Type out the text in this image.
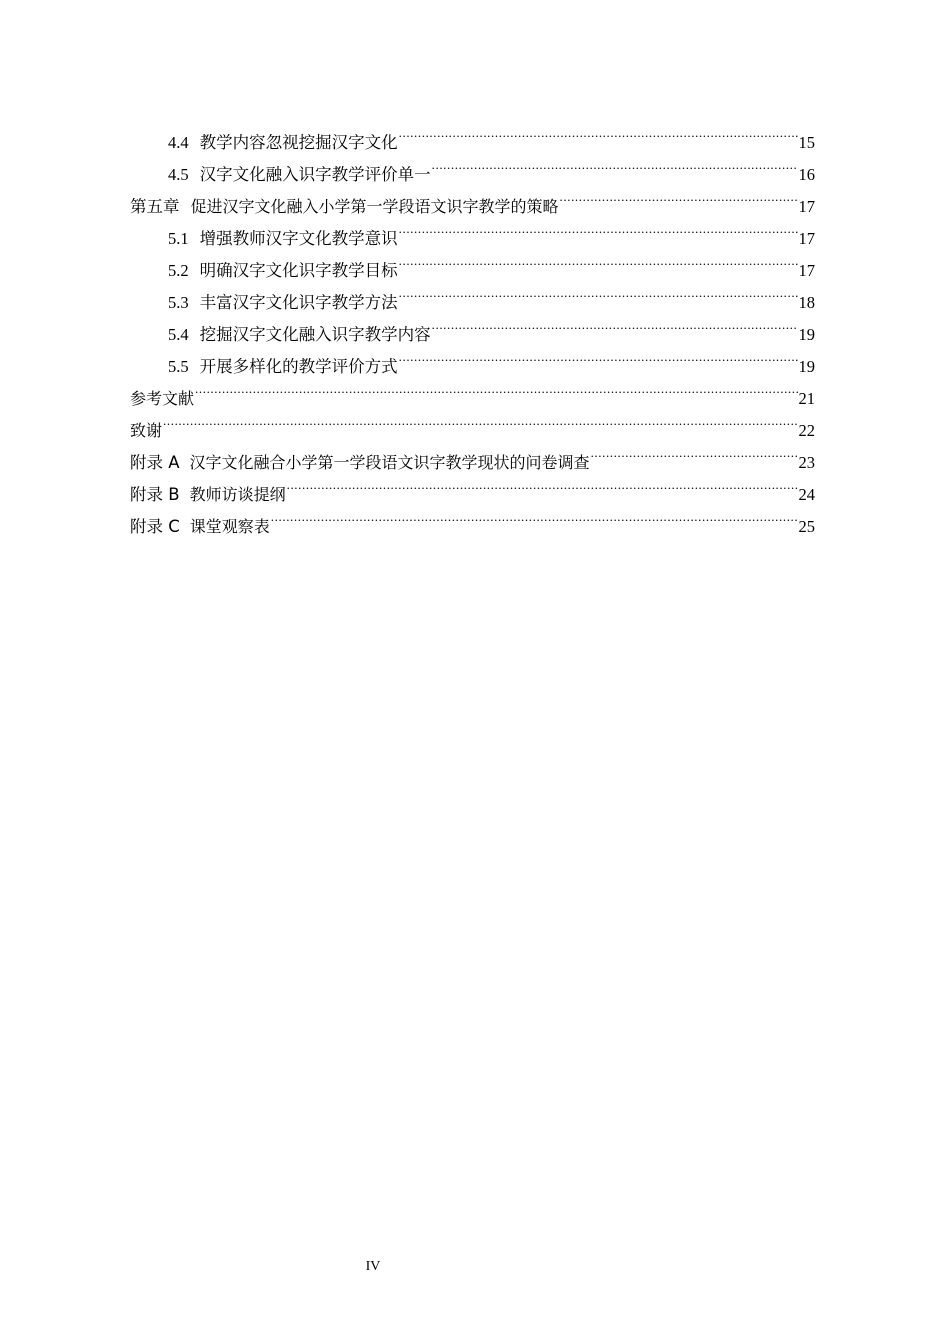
4.4 教学内容忽视挖掘汉字文化 .....	15
4.5 汉字文化融入识字教学评价单一 .....	16
第五章 促进汉字文化融入小学第一学段语文识字教学的策略 .....	17
5.1 增强教师汉字文化教学意识 .....	17
5.2 明确汉字文化识字教学目标 .....	17
5.3 丰富汉字文化识字教学方法 .....	18
5.4 挖掘汉字文化融入识字教学内容 .....	19
5.5 开展多样化的教学评价方式 .....	19
参考文献 .....	21
致谢 .....	22
附录 A 汉字文化融合小学第一学段语文识字教学现状的问卷调查 .....	23
附录 B 教师访谈提纲 .....	24
附录 C 课堂观察表 .....	25
IV
